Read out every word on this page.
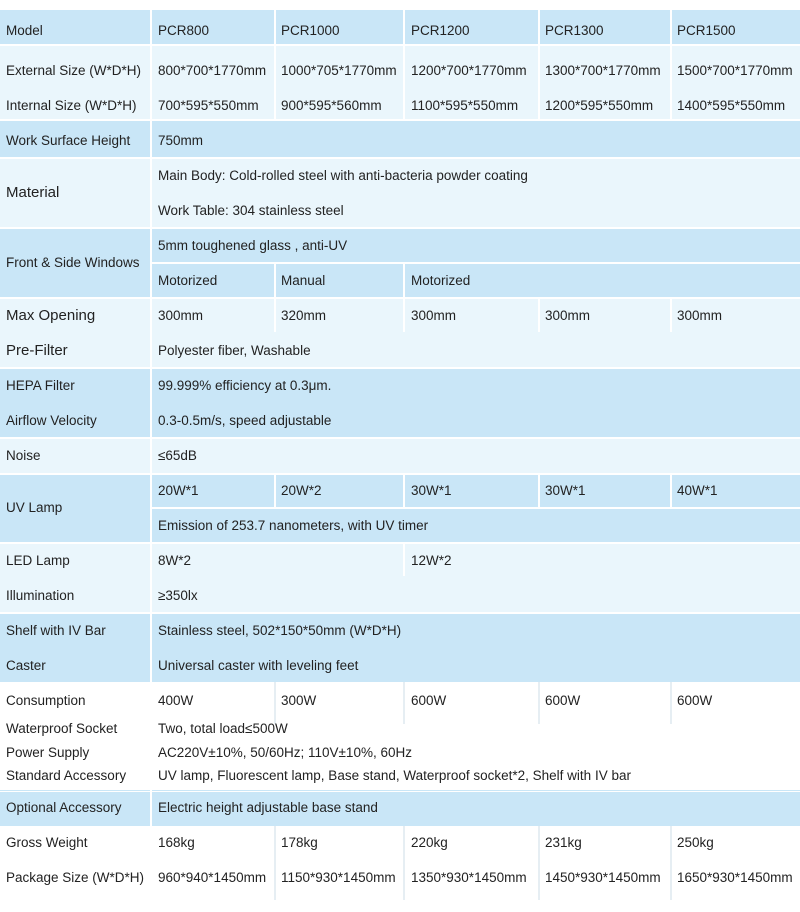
Model	PCR800	PCR1000	PCR1200	PCR1300	PCR1500
External Size (W*D*H) 800*700*1770mm 1000*705*1770mm 1200*700*1770mm 1300*700*1770mm 1500*700*1770mm
Internal Size (W*D*H) 700*595*550mm 900*595*560mm 1100*595*550mm 1200*595*550mm 1400*595*550mm
Work Surface Height 750mm
Material
Main Body: Cold-rolled steel with anti-bacteria powder coating
Work Table: 304 stainless steel
Front & Side Windows
5mm toughened glass , anti-UV
Motorized	Manual	Motorized
Max Opening	300mm	320mm	300mm	300mm	300mm
Pre-Filter	Polyester fiber, Washable
HEPA Filter	99.999% efficiency at 0.3μm.
Airflow Velocity	0.3-0.5m/s, speed adjustable
Noise	≤65dB
UV Lamp
20W*1	20W*2	30W*1	30W*1	40W*1
Emission of 253.7 nanometers, with UV timer
LED Lamp	8W*2	12W*2
Illumination	≥350lx
Shelf with IV Bar	Stainless steel, 502*150*50mm (W*D*H)
Caster	Universal caster with leveling feet
Consumption	400W	300W	600W	600W	600W
Waterproof Socket	Two, total load≤500W
Power Supply	AC220V±10%, 50/60Hz; 110V±10%, 60Hz
Standard Accessory UV lamp, Fluorescent lamp, Base stand, Waterproof socket*2, Shelf with IV bar
Optional Accessory	Electric height adjustable base stand
Gross Weight	168kg	178kg	220kg	231kg	250kg
Package Size (W*D*H) 960*940*1450mm 1150*930*1450mm 1350*930*1450mm 1450*930*1450mm 1650*930*1450mm
